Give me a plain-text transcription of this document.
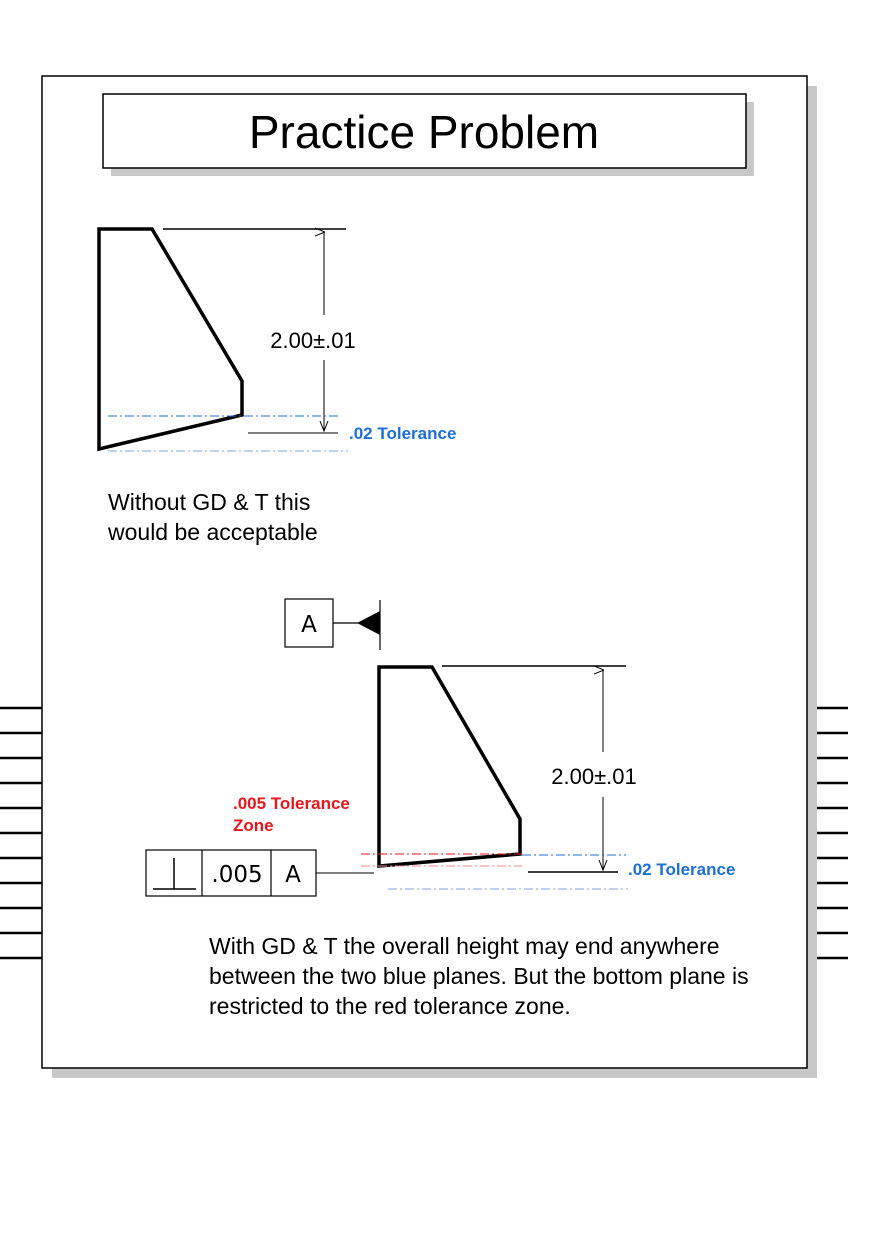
Practice Problem
2.00±.01
.02 Tolerance
A
2.00±.01
.005 Tolerance
Zone
.02 Tolerance
.005 A
Without GD & T this
would be acceptable

With GD & T the overall height may end anywhere between the two blue planes. But the bottom plane is restricted to the red tolerance zone.
